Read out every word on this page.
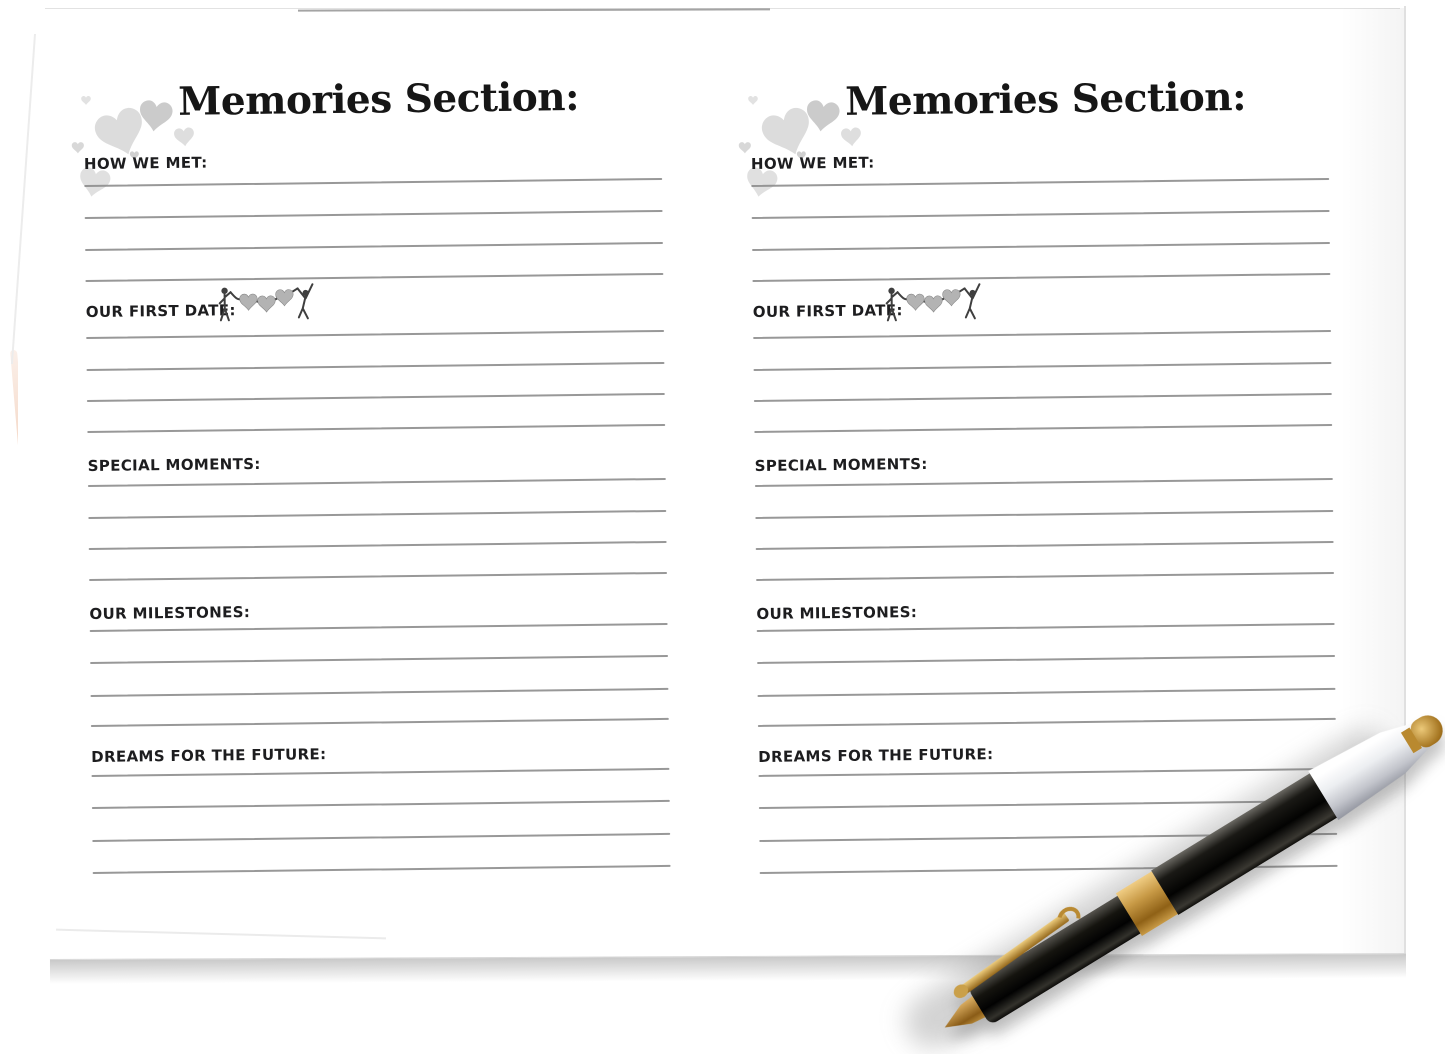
Memories Section:
HOW WE MET:
OUR FIRST DATE:
SPECIAL MOMENTS:
OUR MILESTONES:
DREAMS FOR THE FUTURE:
Memories Section:
HOW WE MET:
OUR FIRST DATE:
SPECIAL MOMENTS:
OUR MILESTONES:
DREAMS FOR THE FUTURE:
